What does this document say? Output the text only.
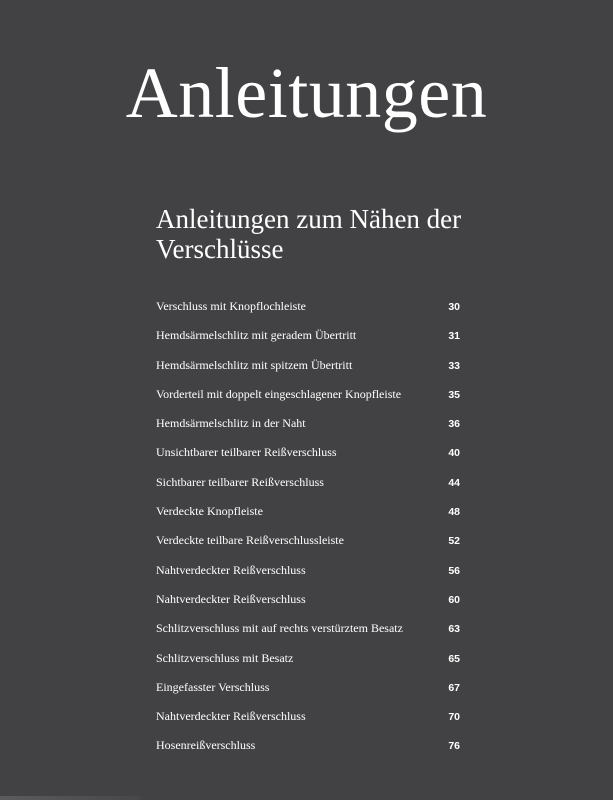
Anleitungen
Anleitungen zum Nähen der Verschlüsse
Verschluss mit Knopflochleiste	30
Hemdsärmelschlitz mit geradem Übertritt	31
Hemdsärmelschlitz mit spitzem Übertritt	33
Vorderteil mit doppelt eingeschlagener Knopfleiste	35
Hemdsärmelschlitz in der Naht	36
Unsichtbarer teilbarer Reißverschluss	40
Sichtbarer teilbarer Reißverschluss	44
Verdeckte Knopfleiste	48
Verdeckte teilbare Reißverschlussleiste	52
Nahtverdeckter Reißverschluss	56
Nahtverdeckter Reißverschluss	60
Schlitzverschluss mit auf rechts verstürztem Besatz	63
Schlitzverschluss mit Besatz	65
Eingefasster Verschluss	67
Nahtverdeckter Reißverschluss	70
Hosenreißverschluss	76
